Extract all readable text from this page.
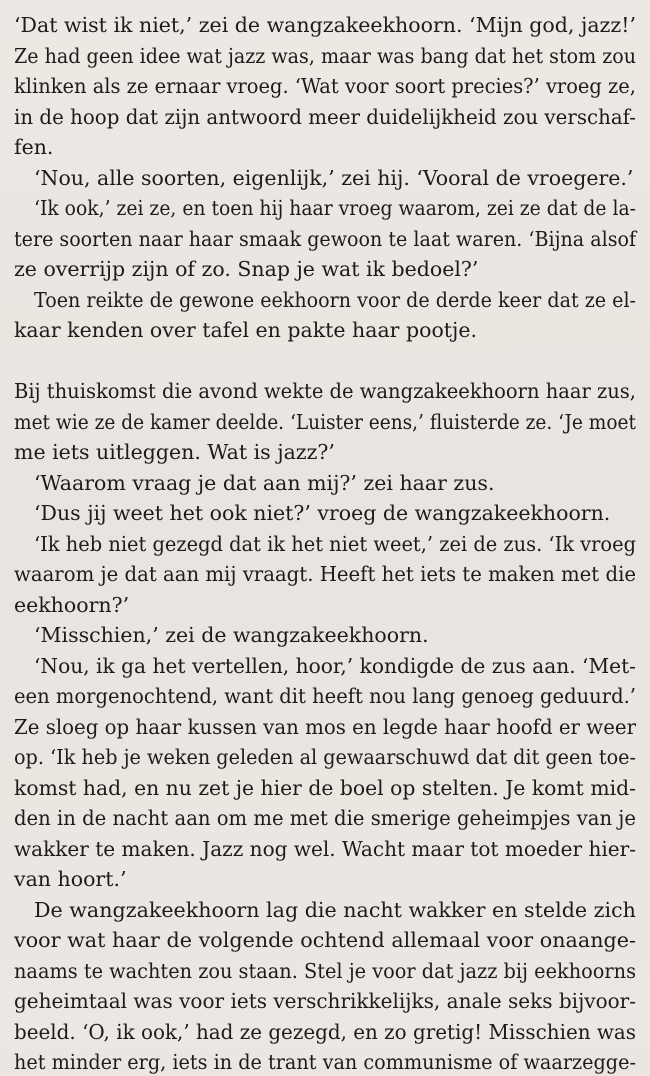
‘Dat wist ik niet,’ zei de wangzakeekhoorn. ‘Mijn god, jazz!’
Ze had geen idee wat jazz was, maar was bang dat het stom zou
klinken als ze ernaar vroeg. ‘Wat voor soort precies?’ vroeg ze,
in de hoop dat zijn antwoord meer duidelijkheid zou verschaf-
fen.
‘Nou, alle soorten, eigenlijk,’ zei hij. ‘Vooral de vroegere.’
‘Ik ook,’ zei ze, en toen hij haar vroeg waarom, zei ze dat de la-
tere soorten naar haar smaak gewoon te laat waren. ‘Bijna alsof
ze overrijp zijn of zo. Snap je wat ik bedoel?’
Toen reikte de gewone eekhoorn voor de derde keer dat ze el-
kaar kenden over tafel en pakte haar pootje.
Bij thuiskomst die avond wekte de wangzakeekhoorn haar zus,
met wie ze de kamer deelde. ‘Luister eens,’ fluisterde ze. ‘Je moet
me iets uitleggen. Wat is jazz?’
‘Waarom vraag je dat aan mij?’ zei haar zus.
‘Dus jij weet het ook niet?’ vroeg de wangzakeekhoorn.
‘Ik heb niet gezegd dat ik het niet weet,’ zei de zus. ‘Ik vroeg
waarom je dat aan mij vraagt. Heeft het iets te maken met die
eekhoorn?’
‘Misschien,’ zei de wangzakeekhoorn.
‘Nou, ik ga het vertellen, hoor,’ kondigde de zus aan. ‘Met-
een morgenochtend, want dit heeft nou lang genoeg geduurd.’
Ze sloeg op haar kussen van mos en legde haar hoofd er weer
op. ‘Ik heb je weken geleden al gewaarschuwd dat dit geen toe-
komst had, en nu zet je hier de boel op stelten. Je komt mid-
den in de nacht aan om me met die smerige geheimpjes van je
wakker te maken. Jazz nog wel. Wacht maar tot moeder hier-
van hoort.’
De wangzakeekhoorn lag die nacht wakker en stelde zich
voor wat haar de volgende ochtend allemaal voor onaange-
naams te wachten zou staan. Stel je voor dat jazz bij eekhoorns
geheimtaal was voor iets verschrikkelijks, anale seks bijvoor-
beeld. ‘O, ik ook,’ had ze gezegd, en zo gretig! Misschien was
het minder erg, iets in de trant van communisme of waarzegge-
